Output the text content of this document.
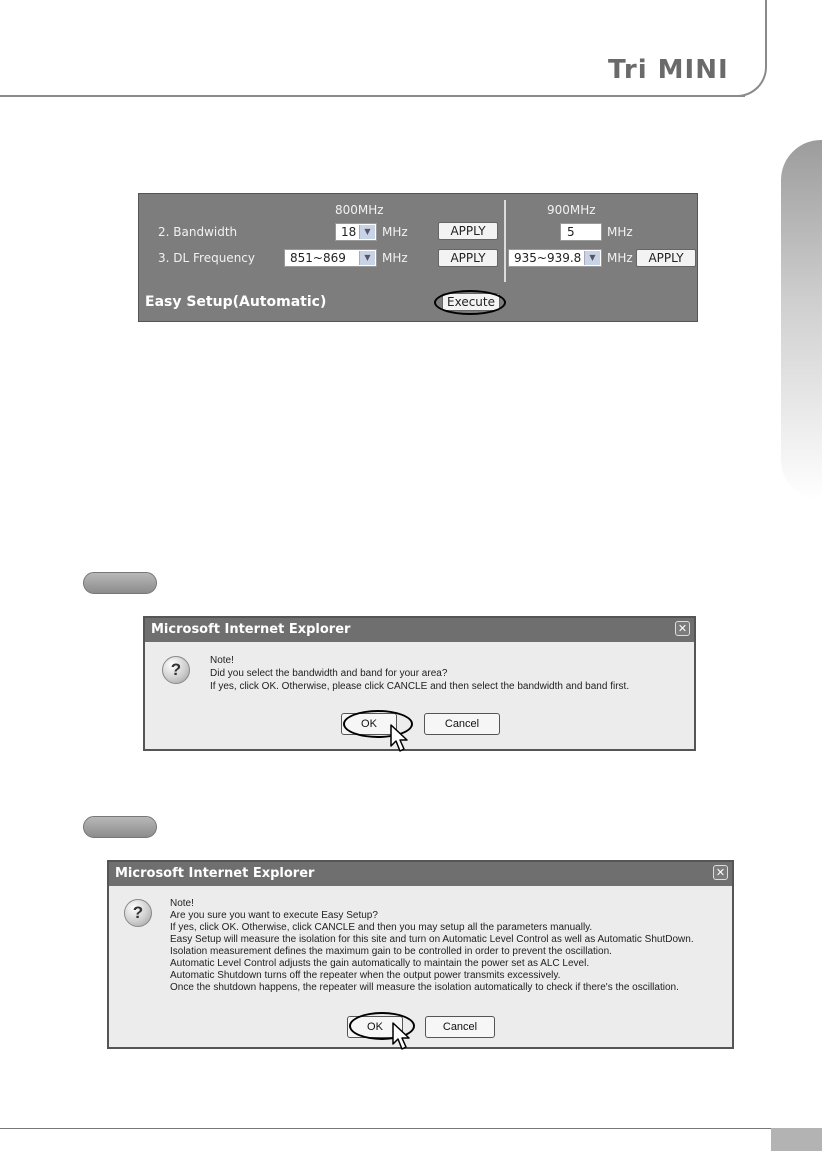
Tri MINI
800MHz	900MHz
2. Bandwidth	18	▼ MHz	APPLY	5	MHz
3. DL Frequency	851~869	▼ MHz	APPLY	935~939.8	▼ MHz	APPLY
Easy Setup(Automatic)	Execute
Microsoft Internet Explorer	✕
?	Note!
Did you select the bandwidth and band for your area?
If yes, click OK. Otherwise, please click CANCLE and then select the bandwidth and band first.
OK	Cancel
Microsoft Internet Explorer	✕
?	Note!
Are you sure you want to execute Easy Setup?
If yes, click OK. Otherwise, click CANCLE and then you may setup all the parameters manually.
Easy Setup will measure the isolation for this site and turn on Automatic Level Control as well as Automatic ShutDown.
Isolation measurement defines the maximum gain to be controlled in order to prevent the oscillation.
Automatic Level Control adjusts the gain automatically to maintain the power set as ALC Level.
Automatic Shutdown turns off the repeater when the output power transmits excessively.
Once the shutdown happens, the repeater will measure the isolation automatically to check if there's the oscillation.
OK	Cancel
